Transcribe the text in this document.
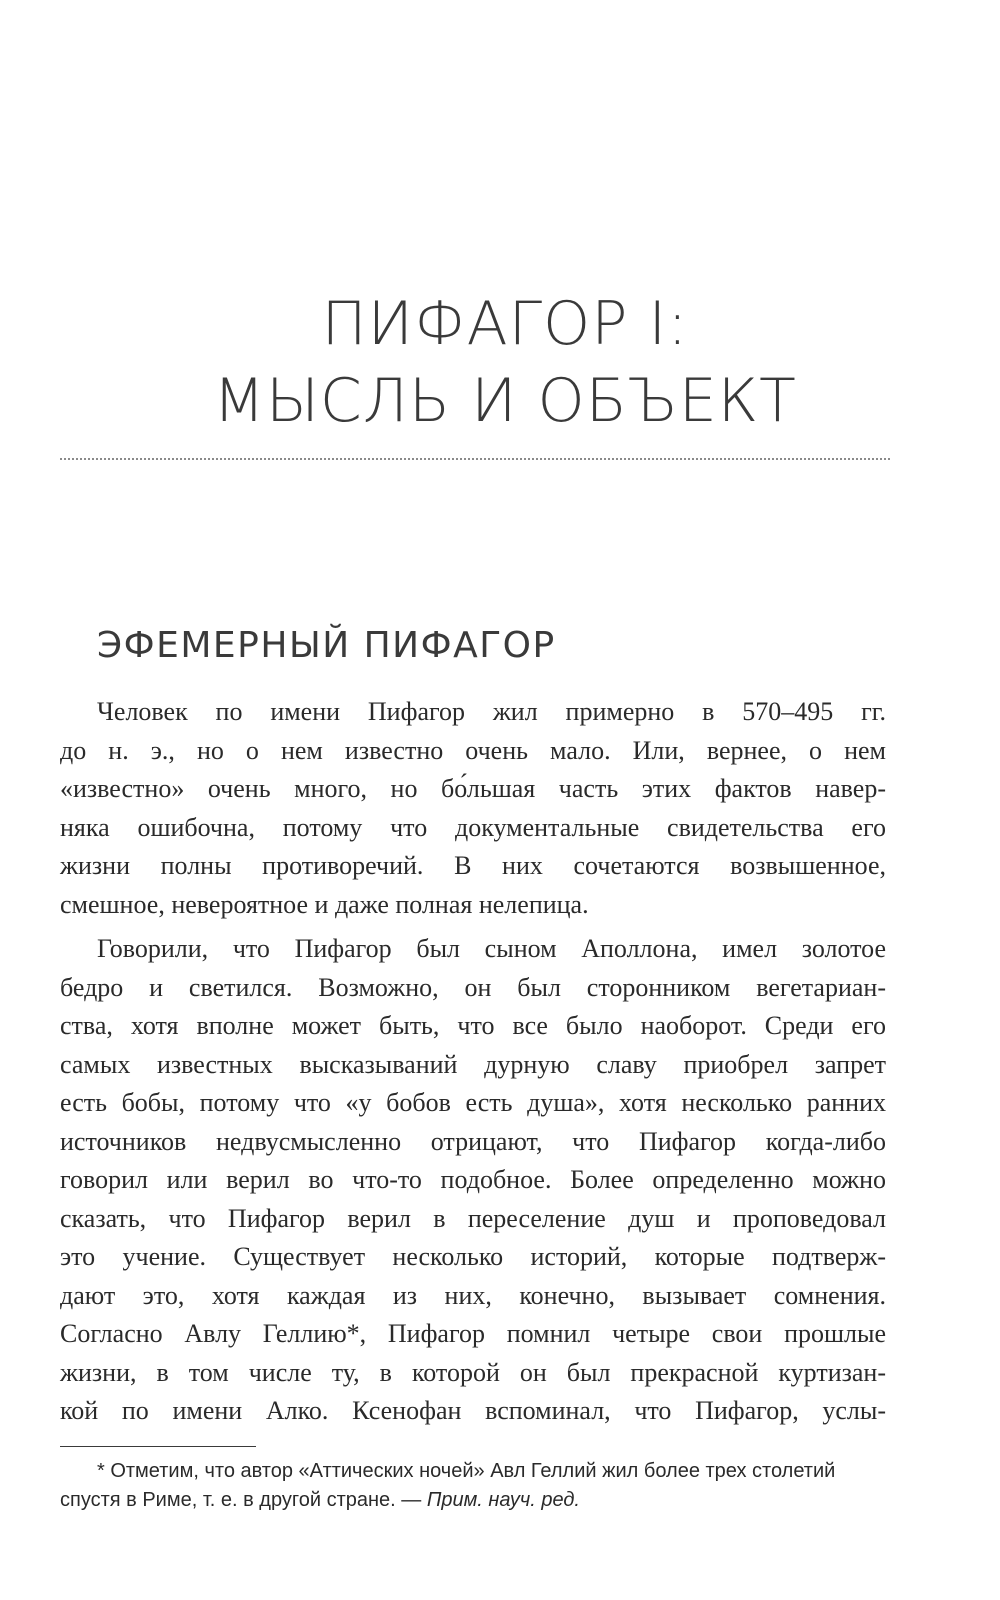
ПИФАГОР I:
МЫСЛЬ И ОБЪЕКТ
ЭФЕМЕРНЫЙ ПИФАГОР

Человек по имени Пифагор жил примерно в 570–495 гг.
до н. э., но о нем известно очень мало. Или, вернее, о нем
«известно» очень много, но бо́льшая часть этих фактов навер-
няка ошибочна, потому что документальные свидетельства его
жизни полны противоречий. В них сочетаются возвышенное,
смешное, невероятное и даже полная нелепица.

Говорили, что Пифагор был сыном Аполлона, имел золотое
бедро и светился. Возможно, он был сторонником вегетариан-
ства, хотя вполне может быть, что все было наоборот. Среди его
самых известных высказываний дурную славу приобрел запрет
есть бобы, потому что «у бобов есть душа», хотя несколько ранних
источников недвусмысленно отрицают, что Пифагор когда-либо
говорил или верил во что-то подобное. Более определенно можно
сказать, что Пифагор верил в переселение душ и проповедовал
это учение. Существует несколько историй, которые подтверж-
дают это, хотя каждая из них, конечно, вызывает сомнения.
Согласно Авлу Геллию*, Пифагор помнил четыре свои прошлые
жизни, в том числе ту, в которой он был прекрасной куртизан-
кой по имени Алко. Ксенофан вспоминал, что Пифагор, услы-

* Отметим, что автор «Аттических ночей» Авл Геллий жил более трех столетий
спустя в Риме, т. е. в другой стране. — Прим. науч. ред.
